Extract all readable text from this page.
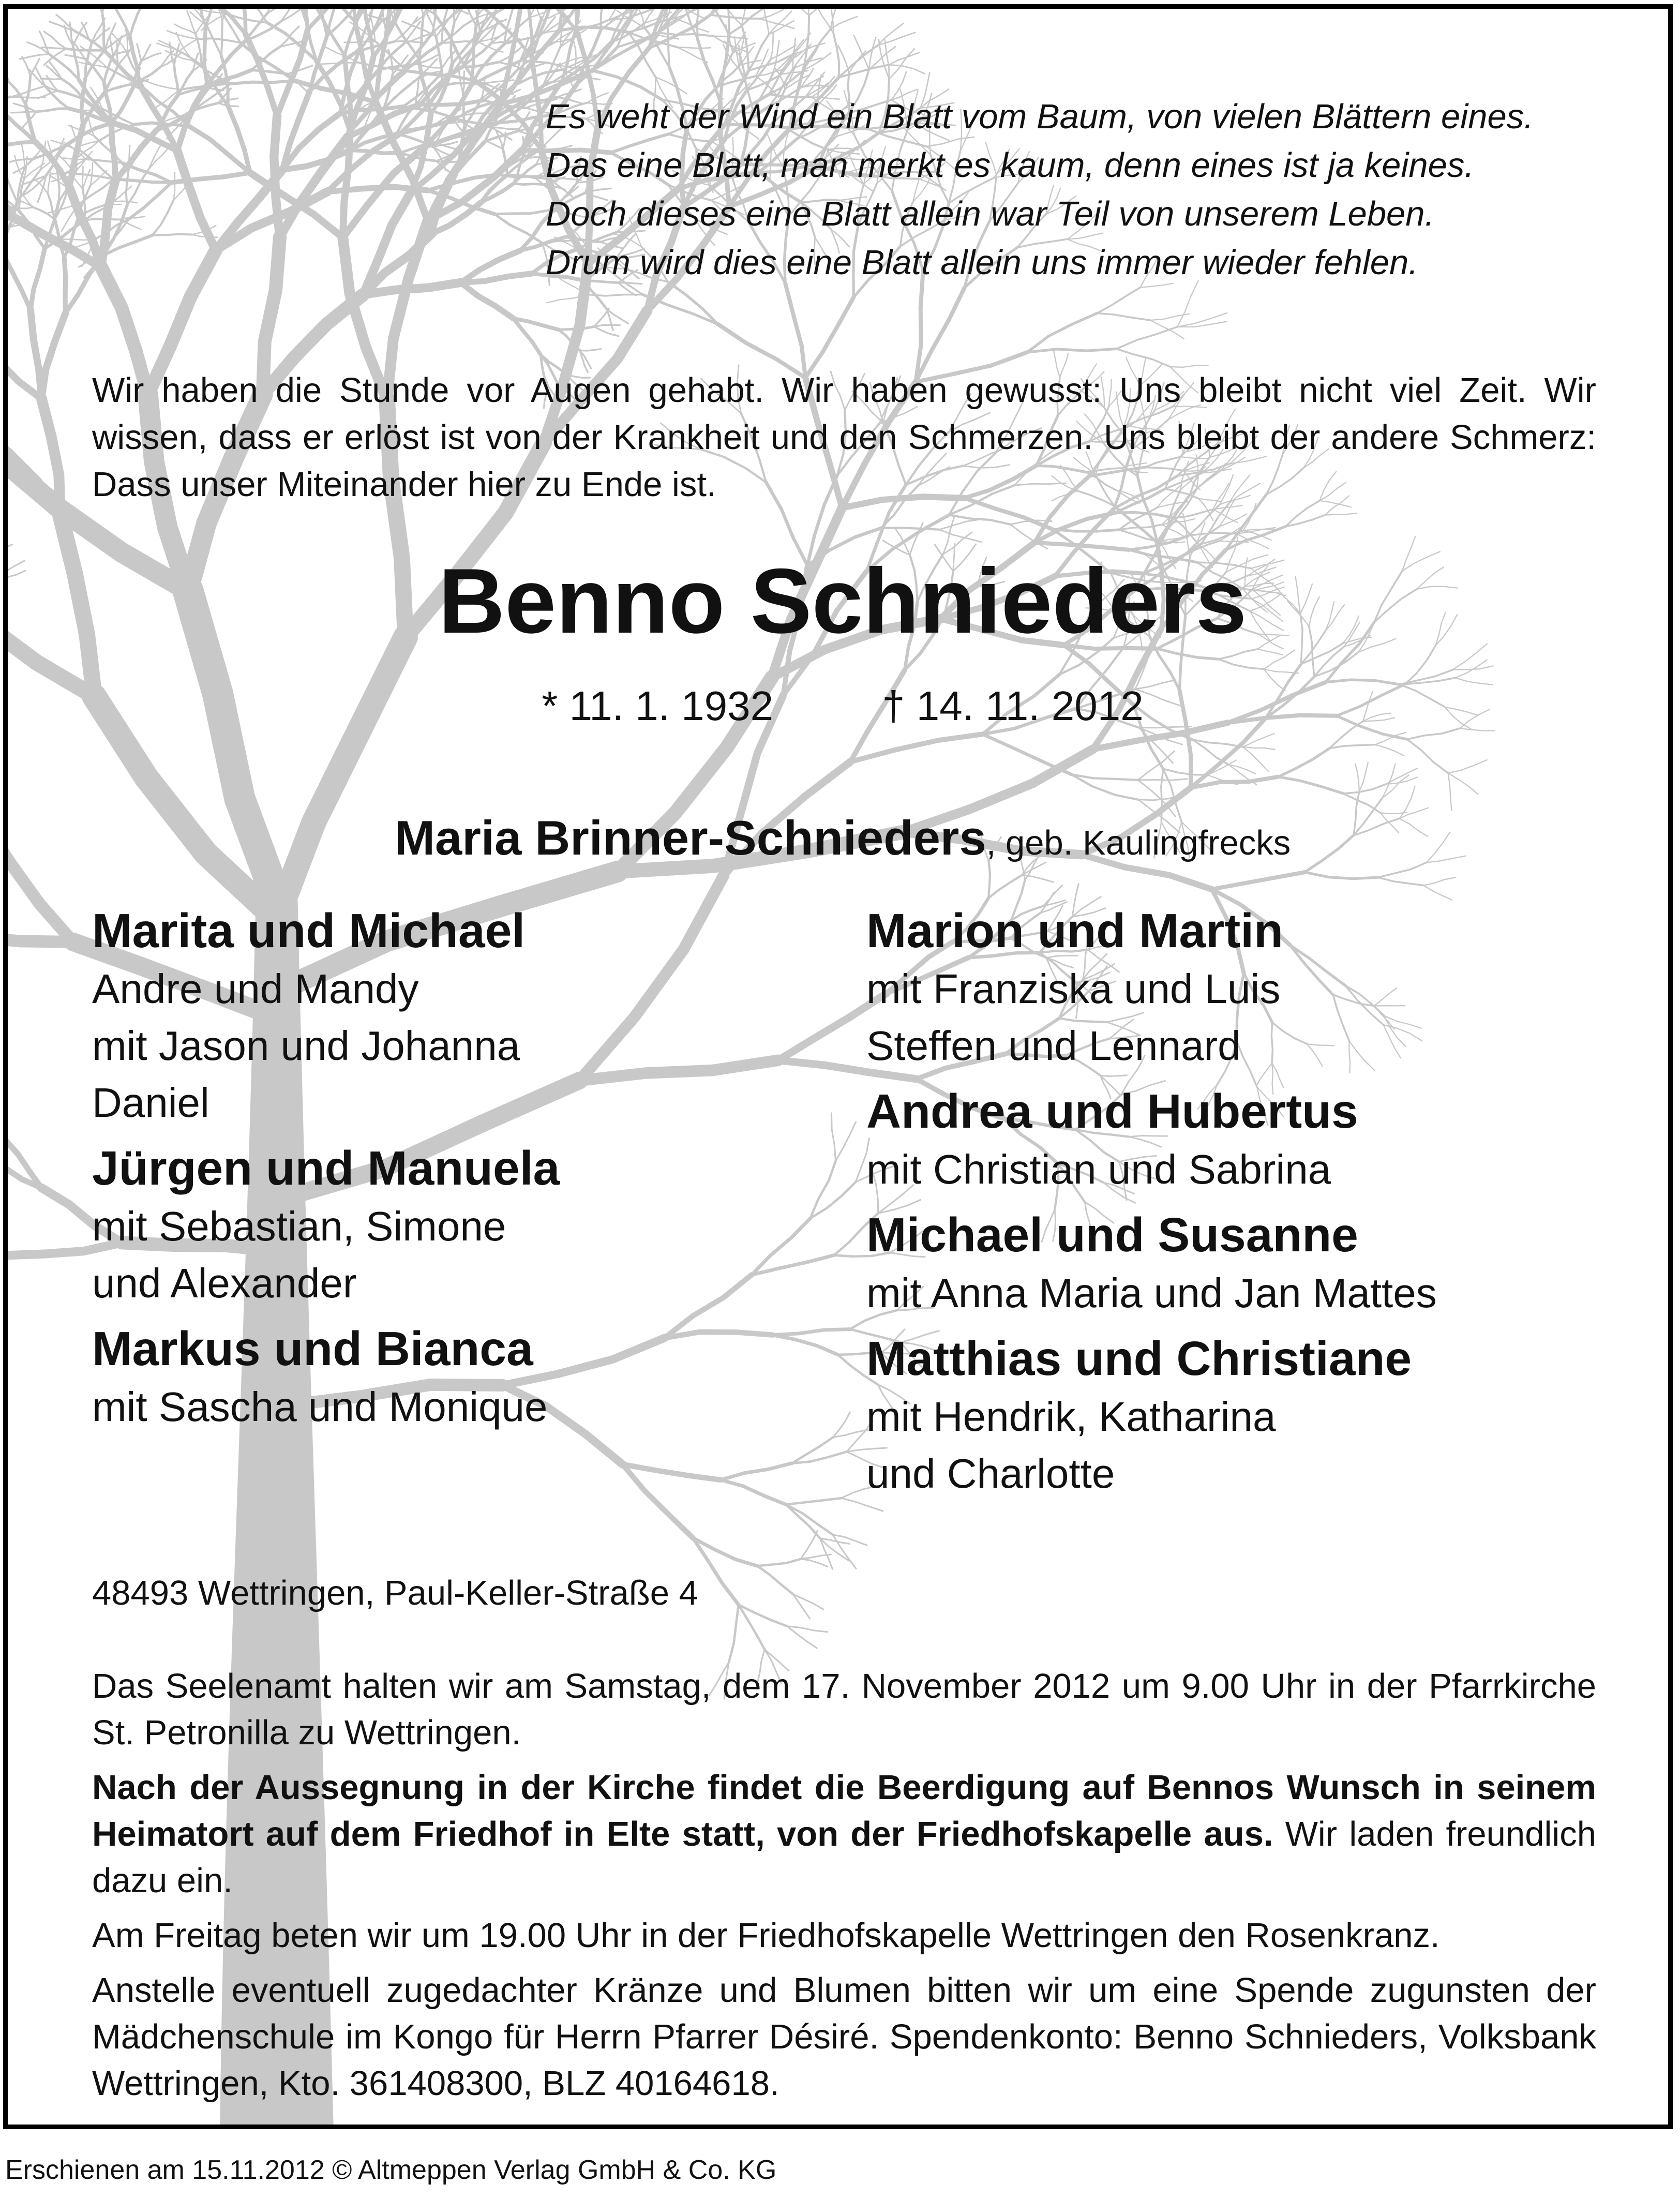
Es weht der Wind ein Blatt vom Baum, von vielen Blättern eines.
Das eine Blatt, man merkt es kaum, denn eines ist ja keines.
Doch dieses eine Blatt allein war Teil von unserem Leben.
Drum wird dies eine Blatt allein uns immer wieder fehlen.
Wir haben die Stunde vor Augen gehabt. Wir haben gewusst: Uns bleibt nicht viel Zeit. Wir wissen, dass er erlöst ist von der Krankheit und den Schmerzen. Uns bleibt der andere Schmerz: Dass unser Miteinander hier zu Ende ist.
Benno Schnieders
* 11. 1. 1932	† 14. 11. 2012
Maria Brinner-Schnieders, geb. Kaulingfrecks
Marita und Michael
Andre und Mandy
mit Jason und Johanna
Daniel
Jürgen und Manuela
mit Sebastian, Simone
und Alexander
Markus und Bianca
mit Sascha und Monique
Marion und Martin
mit Franziska und Luis
Steffen und Lennard
Andrea und Hubertus
mit Christian und Sabrina
Michael und Susanne
mit Anna Maria und Jan Mattes
Matthias und Christiane
mit Hendrik, Katharina
und Charlotte
48493 Wettringen, Paul-Keller-Straße 4

Das Seelenamt halten wir am Samstag, dem 17. November 2012 um 9.00 Uhr in der Pfarrkirche St. Petronilla zu Wettringen.

Nach der Aussegnung in der Kirche findet die Beerdigung auf Bennos Wunsch in seinem Heimatort auf dem Friedhof in Elte statt, von der Friedhofskapelle aus. Wir laden freundlich dazu ein.

Am Freitag beten wir um 19.00 Uhr in der Friedhofskapelle Wettringen den Rosenkranz.

Anstelle eventuell zugedachter Kränze und Blumen bitten wir um eine Spende zugunsten der Mädchenschule im Kongo für Herrn Pfarrer Désiré. Spendenkonto: Benno Schnieders, Volksbank Wettringen, Kto. 361408300, BLZ 40164618.

Erschienen am 15.11.2012 © Altmeppen Verlag GmbH & Co. KG
